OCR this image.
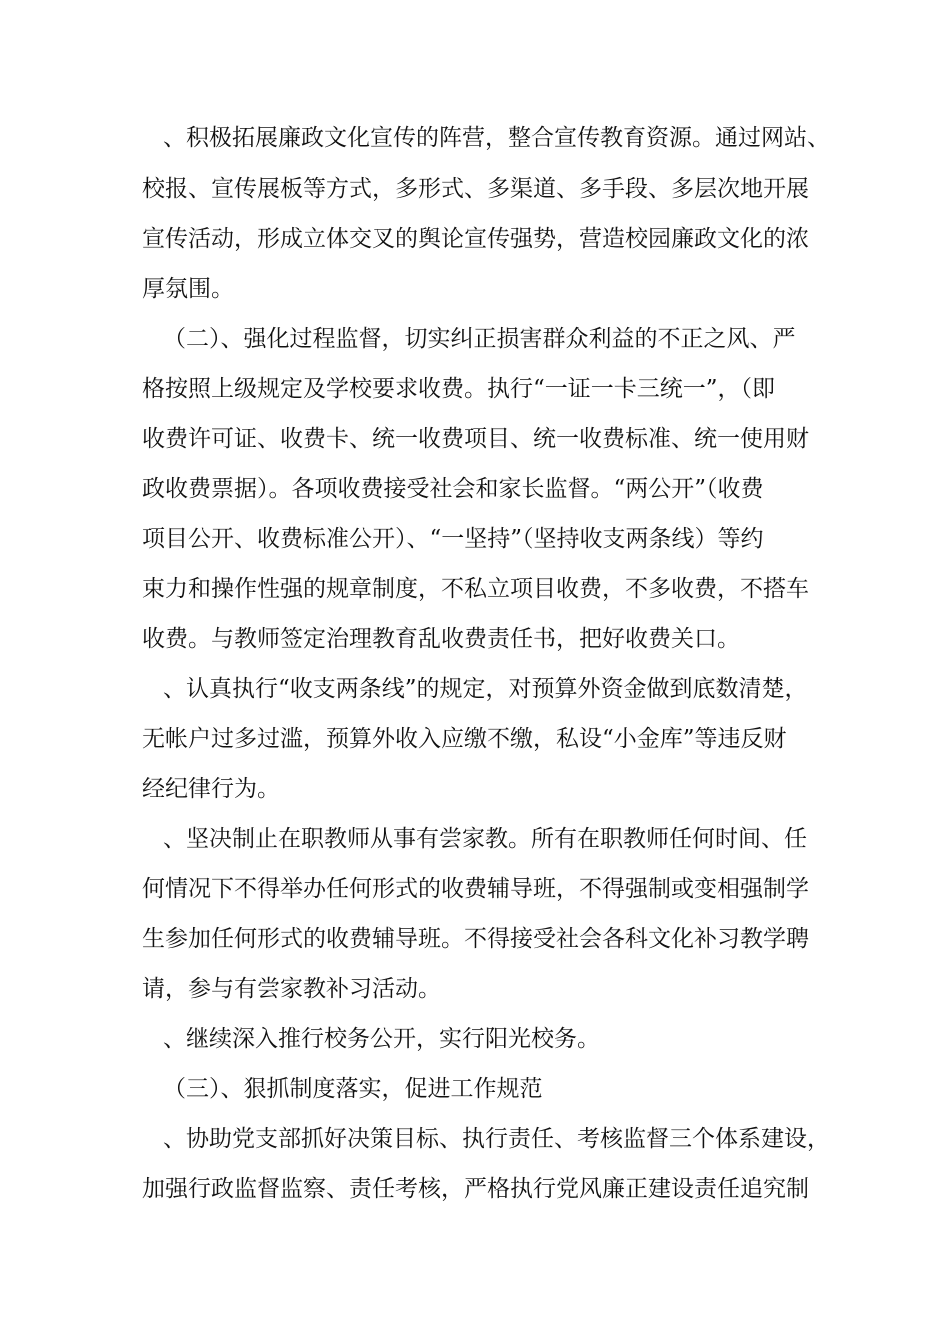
、积极拓展廉政文化宣传的阵营，整合宣传教育资源。通过网站、
校报、宣传展板等方式，多形式、多渠道、多手段、多层次地开展
宣传活动，形成立体交叉的舆论宣传强势，营造校园廉政文化的浓
厚氛围。
（二）、强化过程监督，切实纠正损害群众利益的不正之风、严
格按照上级规定及学校要求收费。执行“一证一卡三统一”，（即
收费许可证、收费卡、统一收费项目、统一收费标准、统一使用财
政收费票据）。各项收费接受社会和家长监督。“两公开”（收费
项目公开、收费标准公开）、“一坚持”（坚持收支两条线）等约
束力和操作性强的规章制度，不私立项目收费，不多收费，不搭车
收费。与教师签定治理教育乱收费责任书，把好收费关口。
、认真执行“收支两条线”的规定，对预算外资金做到底数清楚，
无帐户过多过滥，预算外收入应缴不缴，私设“小金库”等违反财
经纪律行为。
、坚决制止在职教师从事有尝家教。所有在职教师任何时间、任
何情况下不得举办任何形式的收费辅导班，不得强制或变相强制学
生参加任何形式的收费辅导班。不得接受社会各科文化补习教学聘
请，参与有尝家教补习活动。
、继续深入推行校务公开，实行阳光校务。
（三）、狠抓制度落实，促进工作规范
、协助党支部抓好决策目标、执行责任、考核监督三个体系建设，
加强行政监督监察、责任考核，严格执行党风廉正建设责任追究制
